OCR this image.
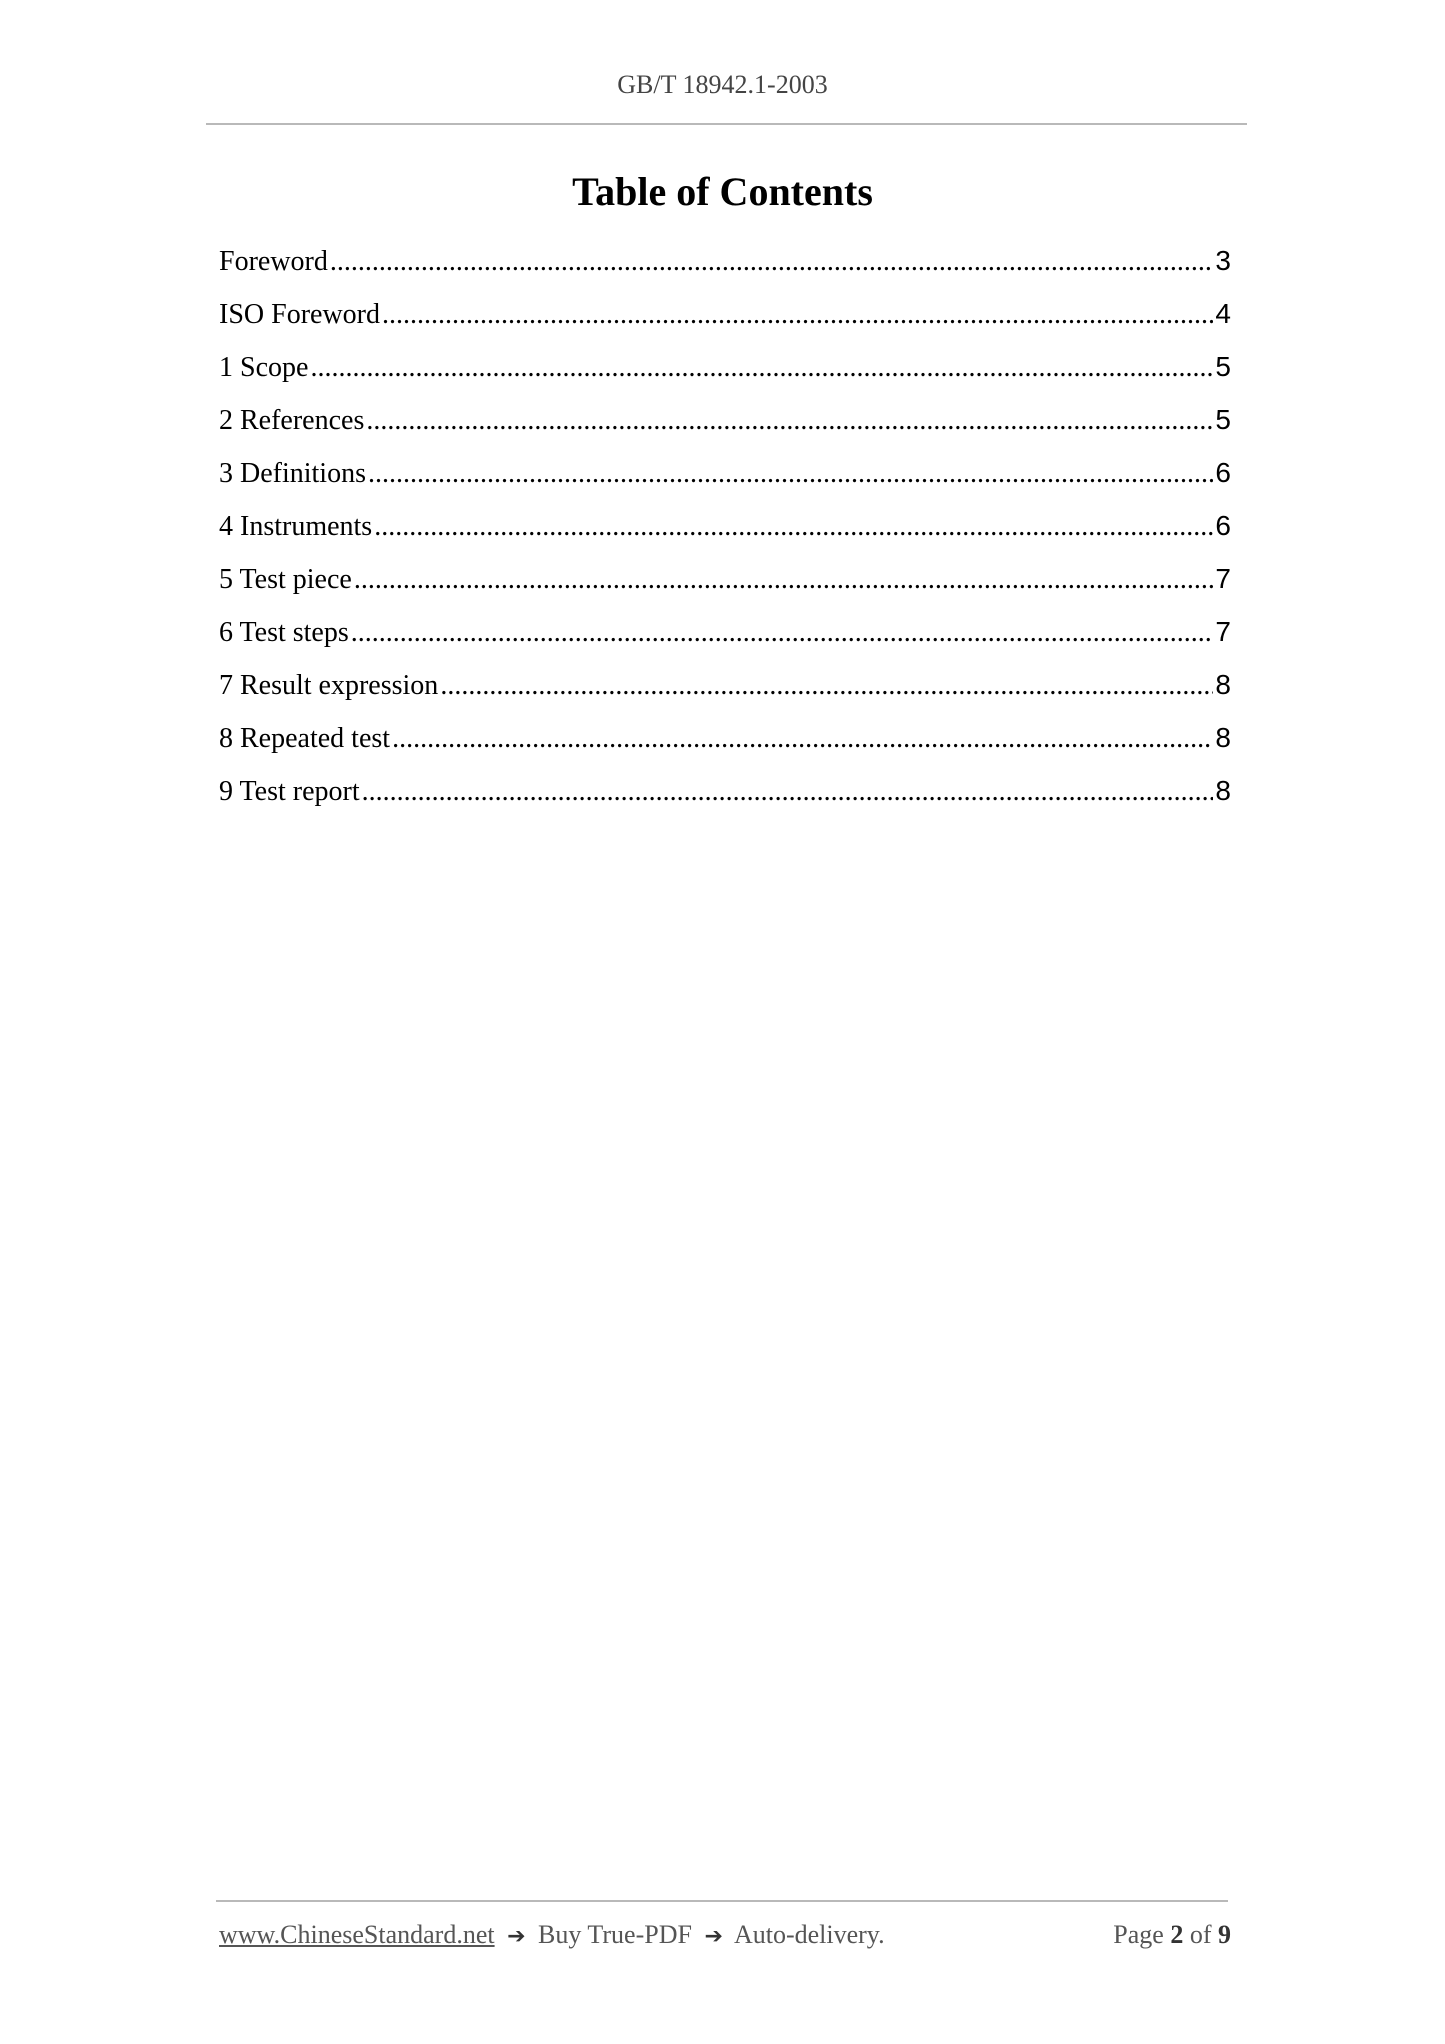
GB/T 18942.1-2003
Table of Contents
Foreword .....	3
ISO Foreword .....	4
1 Scope .....	5
2 References .....	5
3 Definitions .....	6
4 Instruments .....	6
5 Test piece .....	7
6 Test steps .....	7
7 Result expression .....	8
8 Repeated test .....	8
9 Test report .....	8
www.ChineseStandard.net ➔ Buy True-PDF ➔ Auto-delivery.	Page 2 of 9
